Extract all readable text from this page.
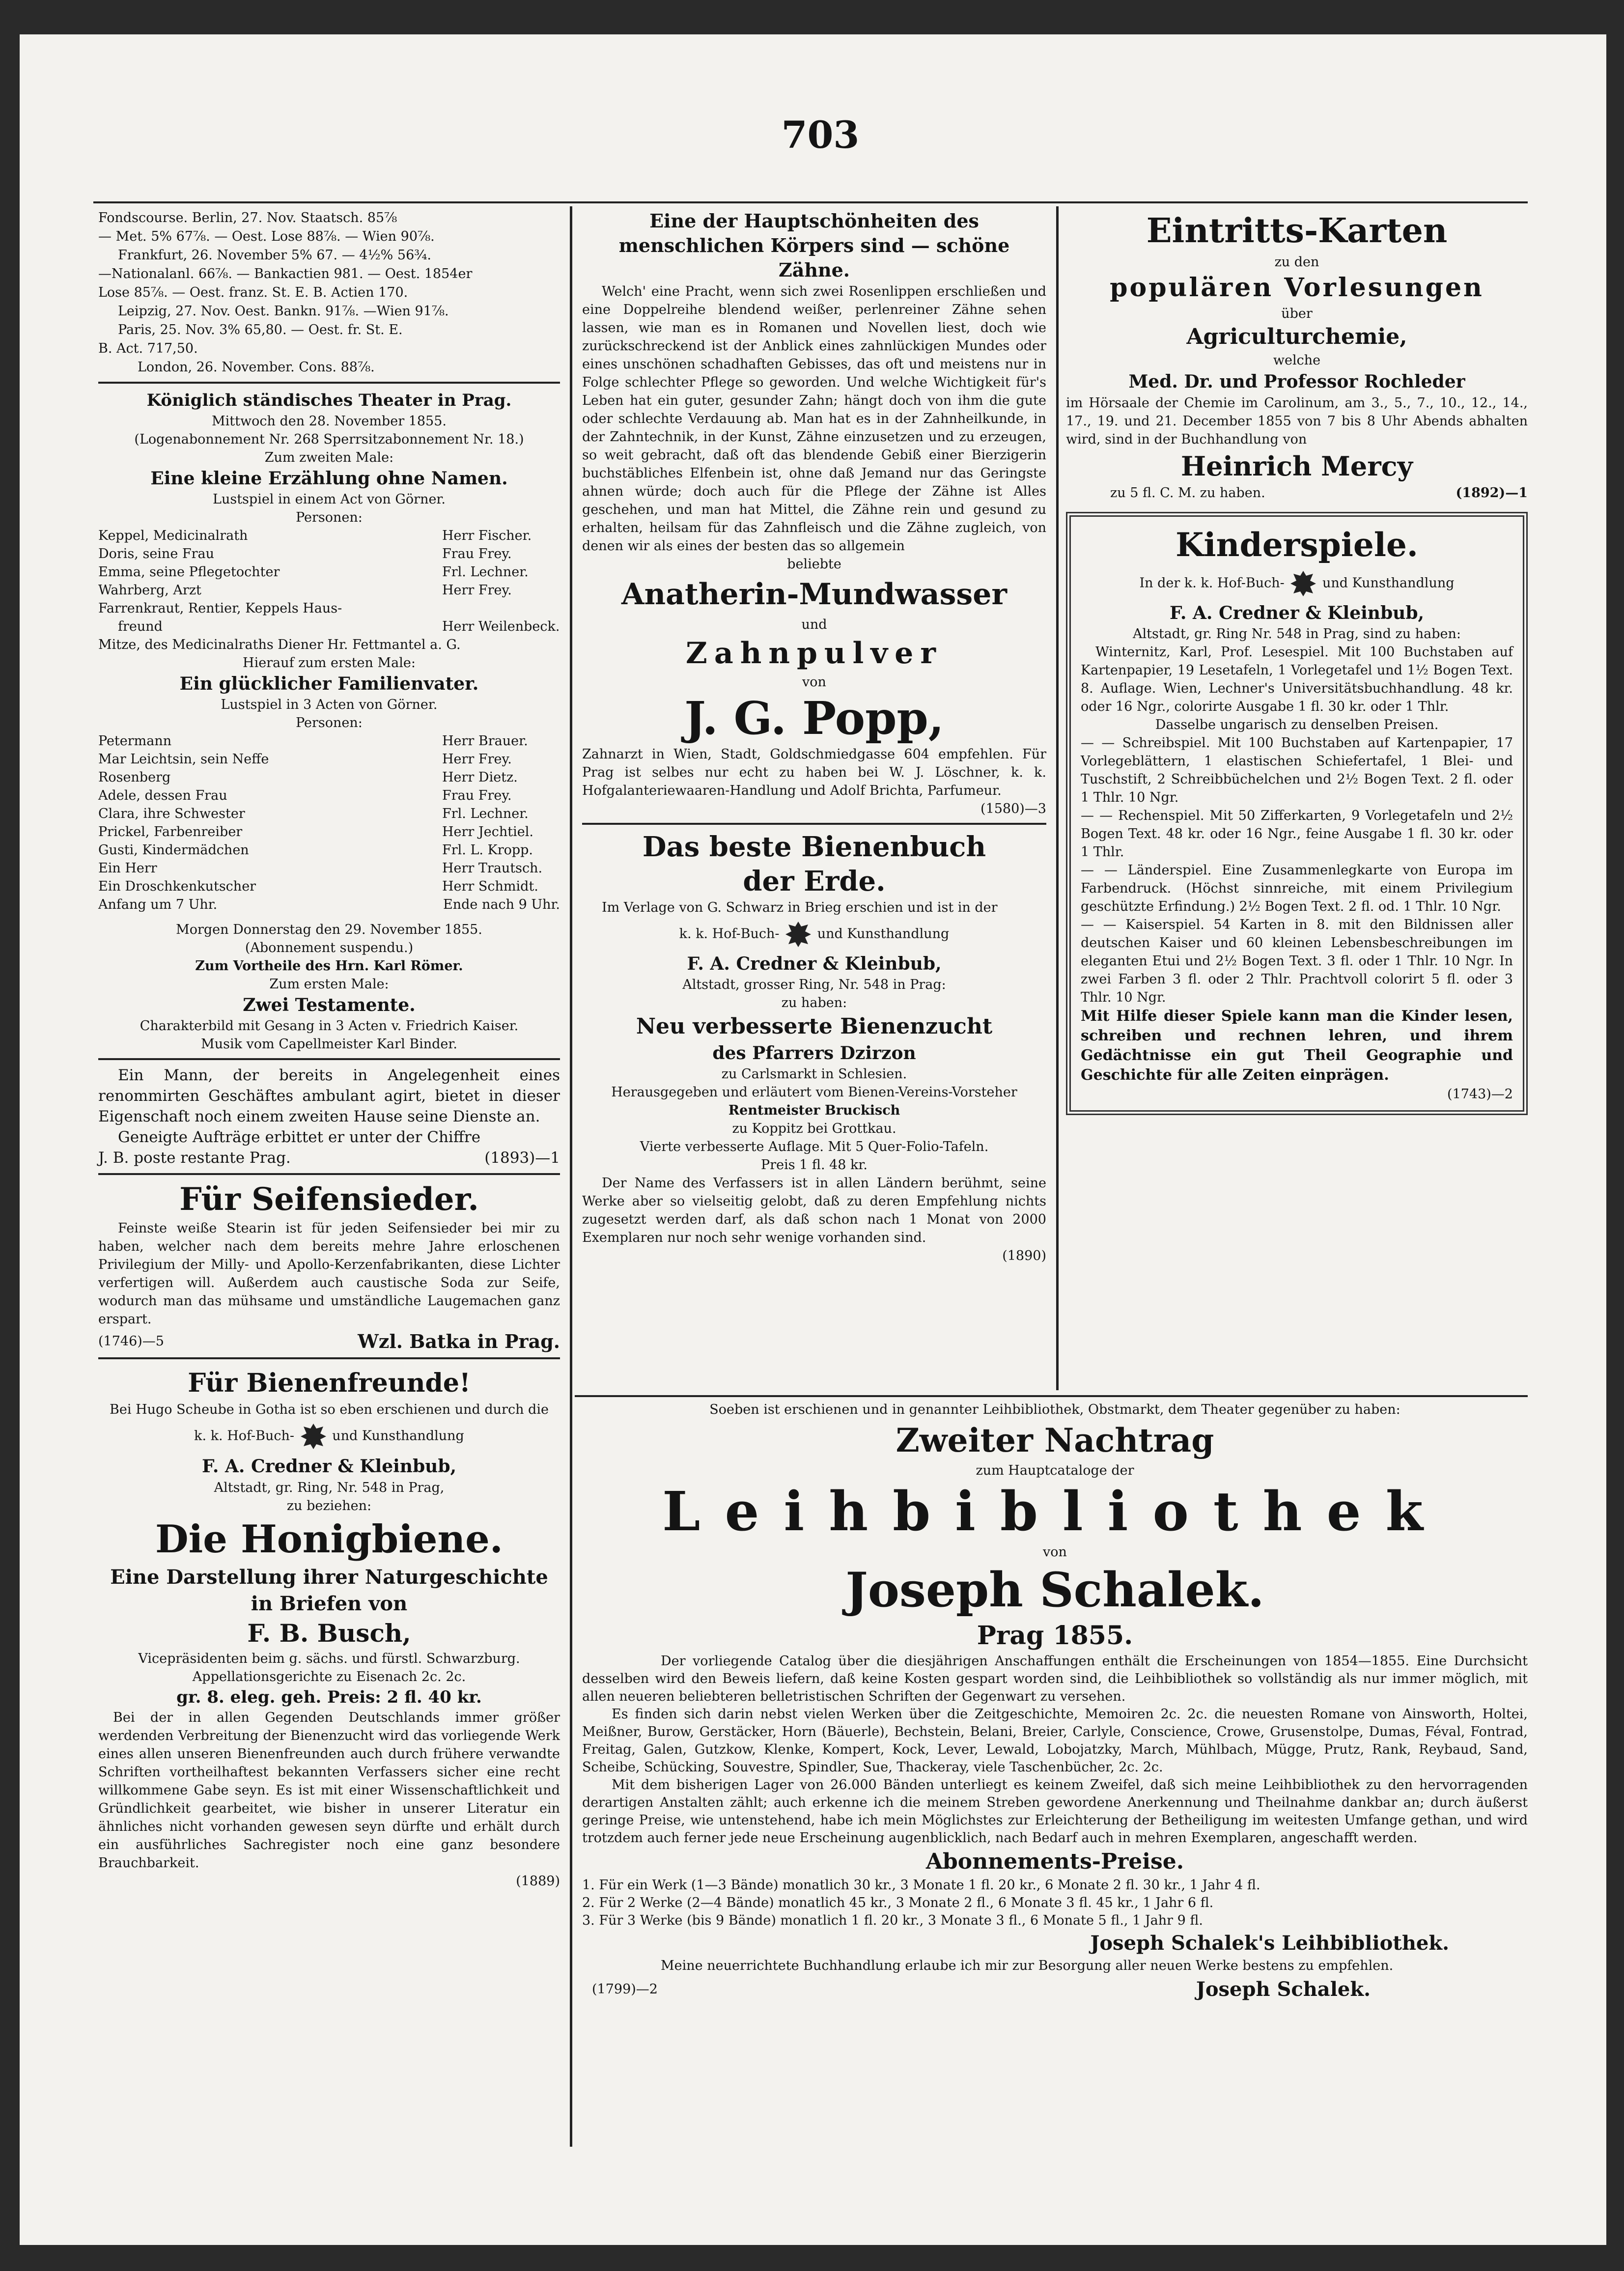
703

Fondscourse. Berlin, 27. Nov. Staatsch. 85⅞

— Met. 5% 67⅞. — Oest. Lose 88⅞. — Wien 90⅞.

Frankfurt, 26. November 5% 67. — 4½% 56¾.

—Nationalanl. 66⅞. — Bankactien 981. — Oest. 1854er

Lose 85⅞. — Oest. franz. St. E. B. Actien 170.

Leipzig, 27. Nov. Oest. Bankn. 91⅞. —Wien 91⅞.

Paris, 25. Nov. 3% 65,80. — Oest. fr. St. E.

B. Act. 717,50.

London, 26. November. Cons. 88⅞.

Königlich ständisches Theater in Prag.

Mittwoch den 28. November 1855.

(Logenabonnement Nr. 268 Sperrsitzabonnement Nr. 18.)

Zum zweiten Male:

Eine kleine Erzählung ohne Namen.

Lustspiel in einem Act von Görner.

Personen:

Keppel, Medicinalrath	Herr Fischer.
Doris, seine Frau	Frau Frey.
Emma, seine Pflegetochter	Frl. Lechner.
Wahrberg, Arzt	Herr Frey.
Farrenkraut, Rentier, Keppels Haus-
freund	Herr Weilenbeck.

Mitze, des Medicinalraths Diener Hr. Fettmantel a. G.

Hierauf zum ersten Male:

Ein glücklicher Familienvater.

Lustspiel in 3 Acten von Görner.

Personen:

Petermann	Herr Brauer.
Mar Leichtsin, sein Neffe	Herr Frey.
Rosenberg	Herr Dietz.
Adele, dessen Frau	Frau Frey.
Clara, ihre Schwester	Frl. Lechner.
Prickel, Farbenreiber	Herr Jechtiel.
Gusti, Kindermädchen	Frl. L. Kropp.
Ein Herr	Herr Trautsch.
Ein Droschkenkutscher	Herr Schmidt.
Anfang um 7 Uhr.	Ende nach 9 Uhr.

Morgen Donnerstag den 29. November 1855.

(Abonnement suspendu.)

Zum Vortheile des Hrn. Karl Römer.

Zum ersten Male:

Zwei Testamente.

Charakterbild mit Gesang in 3 Acten v. Friedrich Kaiser.

Musik vom Capellmeister Karl Binder.

Ein Mann, der bereits in Angelegenheit eines renommirten Geschäftes ambulant agirt, bietet in dieser Eigenschaft noch einem zweiten Hause seine Dienste an.

Geneigte Aufträge erbittet er unter der Chiffre

J. B. poste restante Prag.	(1893)—1

Für Seifensieder.

Feinste weiße Stearin ist für jeden Seifensieder bei mir zu haben, welcher nach dem bereits mehre Jahre erloschenen Privilegium der Milly- und Apollo-Kerzenfabrikanten, diese Lichter verfertigen will. Außerdem auch caustische Soda zur Seife, wodurch man das mühsame und umständliche Laugemachen ganz erspart.

(1746)—5	Wzl. Batka in Prag.

Für Bienenfreunde!

Bei Hugo Scheube in Gotha ist so eben erschienen und durch die

k. k. Hof-Buch-	und Kunsthandlung

F. A. Credner & Kleinbub,

Altstadt, gr. Ring, Nr. 548 in Prag,

zu beziehen:

Die Honigbiene.

Eine Darstellung ihrer Naturgeschichte

in Briefen von

F. B. Busch,

Vicepräsidenten beim g. sächs. und fürstl. Schwarzburg. Appellationsgerichte zu Eisenach 2c. 2c.

gr. 8. eleg. geh. Preis: 2 fl. 40 kr.

Bei der in allen Gegenden Deutschlands immer größer werdenden Verbreitung der Bienenzucht wird das vorliegende Werk eines allen unseren Bienenfreunden auch durch frühere verwandte Schriften vortheilhaftest bekannten Verfassers sicher eine recht willkommene Gabe seyn. Es ist mit einer Wissenschaftlichkeit und Gründlichkeit gearbeitet, wie bisher in unserer Literatur ein ähnliches nicht vorhanden gewesen seyn dürfte und erhält durch ein ausführliches Sachregister noch eine ganz besondere Brauchbarkeit.

(1889)

Eine der Hauptschönheiten des menschlichen Körpers sind — schöne Zähne.

Welch' eine Pracht, wenn sich zwei Rosenlippen erschließen und eine Doppelreihe blendend weißer, perlenreiner Zähne sehen lassen, wie man es in Romanen und Novellen liest, doch wie zurückschreckend ist der Anblick eines zahnlückigen Mundes oder eines unschönen schadhaften Gebisses, das oft und meistens nur in Folge schlechter Pflege so geworden. Und welche Wichtigkeit für's Leben hat ein guter, gesunder Zahn; hängt doch von ihm die gute oder schlechte Verdauung ab. Man hat es in der Zahnheilkunde, in der Zahntechnik, in der Kunst, Zähne einzusetzen und zu erzeugen, so weit gebracht, daß oft das blendende Gebiß einer Bierzigerin buchstäbliches Elfenbein ist, ohne daß Jemand nur das Geringste ahnen würde; doch auch für die Pflege der Zähne ist Alles geschehen, und man hat Mittel, die Zähne rein und gesund zu erhalten, heilsam für das Zahnfleisch und die Zähne zugleich, von denen wir als eines der besten das so allgemein

beliebte

Anatherin-Mundwasser

und

Zahnpulver

von

J. G. Popp,

Zahnarzt in Wien, Stadt, Goldschmiedgasse 604 empfehlen. Für Prag ist selbes nur echt zu haben bei W. J. Löschner, k. k. Hofgalanteriewaaren-Handlung und Adolf Brichta, Parfumeur.

(1580)—3

Das beste Bienenbuch

der Erde.

Im Verlage von G. Schwarz in Brieg erschien und ist in der

k. k. Hof-Buch-	und Kunsthandlung

F. A. Credner & Kleinbub,

Altstadt, grosser Ring, Nr. 548 in Prag:

zu haben:

Neu verbesserte Bienenzucht

des Pfarrers Dzirzon

zu Carlsmarkt in Schlesien.

Herausgegeben und erläutert vom Bienen-Vereins-Vorsteher

Rentmeister Bruckisch

zu Koppitz bei Grottkau.

Vierte verbesserte Auflage. Mit 5 Quer-Folio-Tafeln.

Preis 1 fl. 48 kr.

Der Name des Verfassers ist in allen Ländern berühmt, seine Werke aber so vielseitig gelobt, daß zu deren Empfehlung nichts zugesetzt werden darf, als daß schon nach 1 Monat von 2000 Exemplaren nur noch sehr wenige vorhanden sind.

(1890)

Eintritts-Karten

zu den

populären Vorlesungen

über

Agriculturchemie,

welche

Med. Dr. und Professor Rochleder

im Hörsaale der Chemie im Carolinum, am 3., 5., 7., 10., 12., 14., 17., 19. und 21. December 1855 von 7 bis 8 Uhr Abends abhalten wird, sind in der Buchhandlung von

Heinrich Mercy

zu 5 fl. C. M. zu haben.	(1892)—1

Kinderspiele.

In der k. k. Hof-Buch-	und Kunsthandlung

F. A. Credner & Kleinbub,

Altstadt, gr. Ring Nr. 548 in Prag, sind zu haben:

Winternitz, Karl, Prof. Lesespiel. Mit 100 Buchstaben auf Kartenpapier, 19 Lesetafeln, 1 Vorlegetafel und 1½ Bogen Text. 8. Auflage. Wien, Lechner's Universitätsbuchhandlung. 48 kr. oder 16 Ngr., colorirte Ausgabe 1 fl. 30 kr. oder 1 Thlr.

Dasselbe ungarisch zu denselben Preisen.

— — Schreibspiel. Mit 100 Buchstaben auf Kartenpapier, 17 Vorlegeblättern, 1 elastischen Schiefertafel, 1 Blei- und Tuschstift, 2 Schreibbüchelchen und 2½ Bogen Text. 2 fl. oder 1 Thlr. 10 Ngr.

— — Rechenspiel. Mit 50 Zifferkarten, 9 Vorlegetafeln und 2½ Bogen Text. 48 kr. oder 16 Ngr., feine Ausgabe 1 fl. 30 kr. oder 1 Thlr.

— — Länderspiel. Eine Zusammenlegkarte von Europa im Farbendruck. (Höchst sinnreiche, mit einem Privilegium geschützte Erfindung.) 2½ Bogen Text. 2 fl. od. 1 Thlr. 10 Ngr.

— — Kaiserspiel. 54 Karten in 8. mit den Bildnissen aller deutschen Kaiser und 60 kleinen Lebensbeschreibungen im eleganten Etui und 2½ Bogen Text. 3 fl. oder 1 Thlr. 10 Ngr. In zwei Farben 3 fl. oder 2 Thlr. Prachtvoll colorirt 5 fl. oder 3 Thlr. 10 Ngr.

Mit Hilfe dieser Spiele kann man die Kinder lesen, schreiben und rechnen lehren, und ihrem Gedächtnisse ein gut Theil Geographie und Geschichte für alle Zeiten einprägen.

(1743)—2

Soeben ist erschienen und in genannter Leihbibliothek, Obstmarkt, dem Theater gegenüber zu haben:

Zweiter Nachtrag

zum Hauptcataloge der

Leihbibliothek

von

Joseph Schalek.

Prag 1855.

Der vorliegende Catalog über die diesjährigen Anschaffungen enthält die Erscheinungen von 1854—1855. Eine Durchsicht desselben wird den Beweis liefern, daß keine Kosten gespart worden sind, die Leihbibliothek so vollständig als nur immer möglich, mit allen neueren beliebteren belletristischen Schriften der Gegenwart zu versehen.

Es finden sich darin nebst vielen Werken über die Zeitgeschichte, Memoiren 2c. 2c. die neuesten Romane von Ainsworth, Holtei, Meißner, Burow, Gerstäcker, Horn (Bäuerle), Bechstein, Belani, Breier, Carlyle, Conscience, Crowe, Grusenstolpe, Dumas, Féval, Fontrad, Freitag, Galen, Gutzkow, Klenke, Kompert, Kock, Lever, Lewald, Lobojatzky, March, Mühlbach, Mügge, Prutz, Rank, Reybaud, Sand, Scheibe, Schücking, Souvestre, Spindler, Sue, Thackeray, viele Taschenbücher, 2c. 2c.

Mit dem bisherigen Lager von 26.000 Bänden unterliegt es keinem Zweifel, daß sich meine Leihbibliothek zu den hervorragenden derartigen Anstalten zählt; auch erkenne ich die meinem Streben gewordene Anerkennung und Theilnahme dankbar an; durch äußerst geringe Preise, wie untenstehend, habe ich mein Möglichstes zur Erleichterung der Betheiligung im weitesten Umfange gethan, und wird trotzdem auch ferner jede neue Erscheinung augenblicklich, nach Bedarf auch in mehren Exemplaren, angeschafft werden.

Abonnements-Preise.

1. Für ein Werk (1—3 Bände) monatlich 30 kr., 3 Monate 1 fl. 20 kr., 6 Monate 2 fl. 30 kr., 1 Jahr 4 fl.

2. Für 2 Werke (2—4 Bände) monatlich 45 kr., 3 Monate 2 fl., 6 Monate 3 fl. 45 kr., 1 Jahr 6 fl.

3. Für 3 Werke (bis 9 Bände) monatlich 1 fl. 20 kr., 3 Monate 3 fl., 6 Monate 5 fl., 1 Jahr 9 fl.

Joseph Schalek's Leihbibliothek.

Meine neuerrichtete Buchhandlung erlaube ich mir zur Besorgung aller neuen Werke bestens zu empfehlen.

(1799)—2	Joseph Schalek.
